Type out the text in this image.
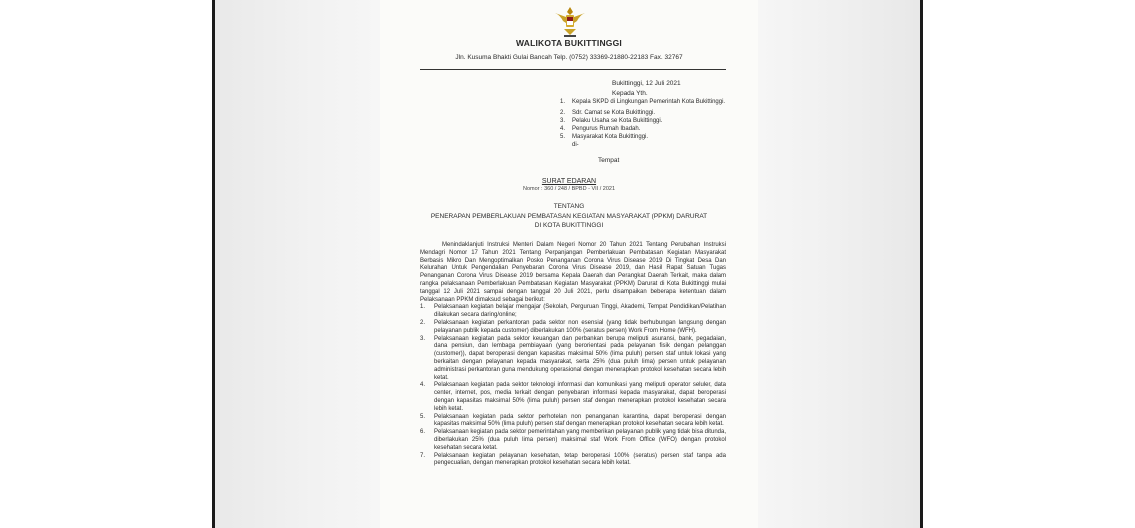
WALIKOTA BUKITTINGGI
Jln. Kusuma Bhakti Gulai Bancah Telp. (0752) 33369-21880-22183 Fax. 32767
Bukittinggi, 12 Juli 2021
Kepada Yth.
1.	Kepala SKPD di Lingkungan Pemerintah Kota Bukittinggi.
2.	Sdr. Camat se Kota Bukittinggi.
3.	Pelaku Usaha se Kota Bukittinggi.
4.	Pengurus Rumah Ibadah.
5.	Masyarakat Kota Bukittinggi.
di-
Tempat
SURAT EDARAN
Nomor : 360 / 248 / BPBD - VII / 2021
TENTANG
PENERAPAN PEMBERLAKUAN PEMBATASAN KEGIATAN MASYARAKAT (PPKM) DARURAT
DI KOTA BUKITTINGGI

Menindaklanjuti Instruksi Menteri Dalam Negeri Nomor 20 Tahun 2021 Tentang Perubahan Instruksi Mendagri Nomor 17 Tahun 2021 Tentang Perpanjangan Pemberlakuan Pembatasan Kegiatan Masyarakat Berbasis Mikro Dan Mengoptimalkan Posko Penanganan Corona Virus Disease 2019 Di Tingkat Desa Dan Kelurahan Untuk Pengendalian Penyebaran Corona Virus Disease 2019, dan Hasil Rapat Satuan Tugas Penanganan Corona Virus Disease 2019 bersama Kepala Daerah dan Perangkat Daerah Terkait, maka dalam rangka pelaksanaan Pemberlakuan Pembatasan Kegiatan Masyarakat (PPKM) Darurat di Kota Bukittinggi mulai tanggal 12 Juli 2021 sampai dengan tanggal 20 Juli 2021, perlu disampaikan beberapa ketentuan dalam Pelaksanaan PPKM dimaksud sebagai berikut:

1.	Pelaksanaan kegiatan belajar mengajar (Sekolah, Perguruan Tinggi, Akademi, Tempat Pendidikan/Pelatihan dilakukan secara daring/online;
2.	Pelaksanaan kegiatan perkantoran pada sektor non esensial (yang tidak berhubungan langsung dengan pelayanan publik kepada customer) diberlakukan 100% (seratus persen) Work From Home (WFH).
3.	Pelaksanaan kegiatan pada sektor keuangan dan perbankan berupa meliputi asuransi, bank, pegadaian, dana pensiun, dan lembaga pembiayaan (yang berorientasi pada pelayanan fisik dengan pelanggan (customer)), dapat beroperasi dengan kapasitas maksimal 50% (lima puluh) persen staf untuk lokasi yang berkaitan dengan pelayanan kepada masyarakat, serta 25% (dua puluh lima) persen untuk pelayanan administrasi perkantoran guna mendukung operasional dengan menerapkan protokol kesehatan secara lebih ketat.
4.	Pelaksanaan kegiatan pada sektor teknologi informasi dan komunikasi yang meliputi operator seluler, data center, internet, pos, media terkait dengan penyebaran informasi kepada masyarakat, dapat beroperasi dengan kapasitas maksimal 50% (lima puluh) persen staf dengan menerapkan protokol kesehatan secara lebih ketat.
5.	Pelaksanaan kegiatan pada sektor perhotelan non penanganan karantina, dapat beroperasi dengan kapasitas maksimal 50% (lima puluh) persen staf dengan menerapkan protokol kesehatan secara lebih ketat.
6.	Pelaksanaan kegiatan pada sektor pemerintahan yang memberikan pelayanan publik yang tidak bisa ditunda, diberlakukan 25% (dua puluh lima persen) maksimal staf Work From Office (WFO) dengan protokol kesehatan secara ketat.
7.	Pelaksanaan kegiatan pelayanan kesehatan, tetap beroperasi 100% (seratus) persen staf tanpa ada pengecualian, dengan menerapkan protokol kesehatan secara lebih ketat.
